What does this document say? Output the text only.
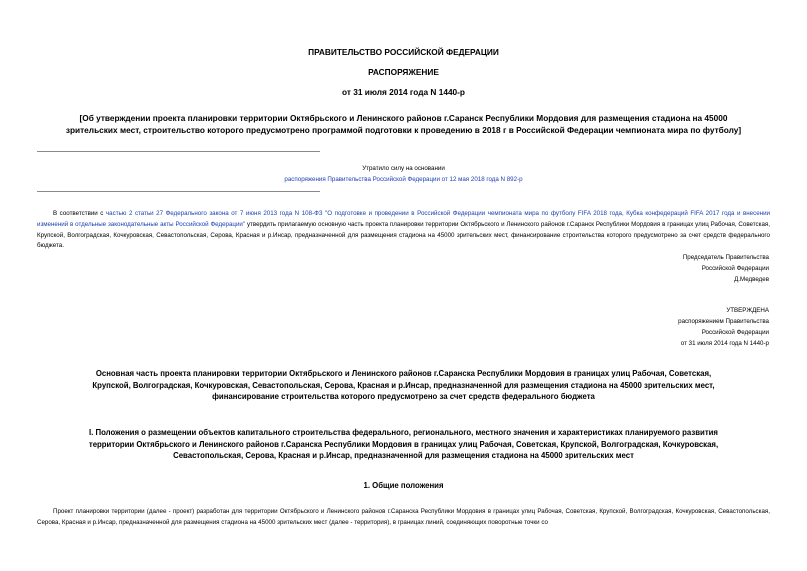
ПРАВИТЕЛЬСТВО РОССИЙСКОЙ ФЕДЕРАЦИИ
РАСПОРЯЖЕНИЕ
от 31 июля 2014 года N 1440-р
[Об утверждении проекта планировки территории Октябрьского и Ленинского районов г.Саранск Республики Мордовия для размещения стадиона на 45000
зрительских мест, строительство которого предусмотрено программой подготовки к проведению в 2018 г в Российской Федерации чемпионата мира по футболу]
Утратило силу на основании
распоряжения Правительства Российской Федерации от 12 мая 2018 года N 892-р
В соответствии с частью 2 статьи 27 Федерального закона от 7 июня 2013 года N 108-ФЗ "О подготовке и проведении в Российской Федерации чемпионата мира по футболу FIFA 2018 года, Кубка конфедераций FIFA 2017 года и внесении изменений в отдельные законодательные акты Российской Федерации" утвердить прилагаемую основную часть проекта планировки территории Октябрьского и Ленинского районов г.Саранск Республики Мордовия в границах улиц Рабочая, Советская, Крупской, Волгоградская, Кочкуровская, Севастопольская, Серова, Красная и р.Инсар, предназначенной для размещения стадиона на 45000 зрительских мест, финансирование строительства которого предусмотрено за счет средств федерального бюджета.
Председатель Правительства
Российской Федерации
Д.Медведев
УТВЕРЖДЕНА
распоряжением Правительства
Российской Федерации
от 31 июля 2014 года N 1440-р
Основная часть проекта планировки территории Октябрьского и Ленинского районов г.Саранска Республики Мордовия в границах улиц Рабочая, Советская,
Крупской, Волгоградская, Кочкуровская, Севастопольская, Серова, Красная и р.Инсар, предназначенной для размещения стадиона на 45000 зрительских мест,
финансирование строительства которого предусмотрено за счет средств федерального бюджета
I. Положения о размещении объектов капитального строительства федерального, регионального, местного значения и характеристиках планируемого развития
территории Октябрьского и Ленинского районов г.Саранска Республики Мордовия в границах улиц Рабочая, Советская, Крупской, Волгоградская, Кочкуровская,
Севастопольская, Серова, Красная и р.Инсар, предназначенной для размещения стадиона на 45000 зрительских мест
1. Общие положения
Проект планировки территории (далее - проект) разработан для территории Октябрьского и Ленинского районов г.Саранска Республики Мордовия в границах улиц Рабочая, Советская, Крупской, Волгоградская, Кочкуровская, Севастопольская, Серова, Красная и р.Инсар, предназначенной для размещения стадиона на 45000 зрительских мест (далее - территория), в границах линий, соединяющих поворотные точки со
